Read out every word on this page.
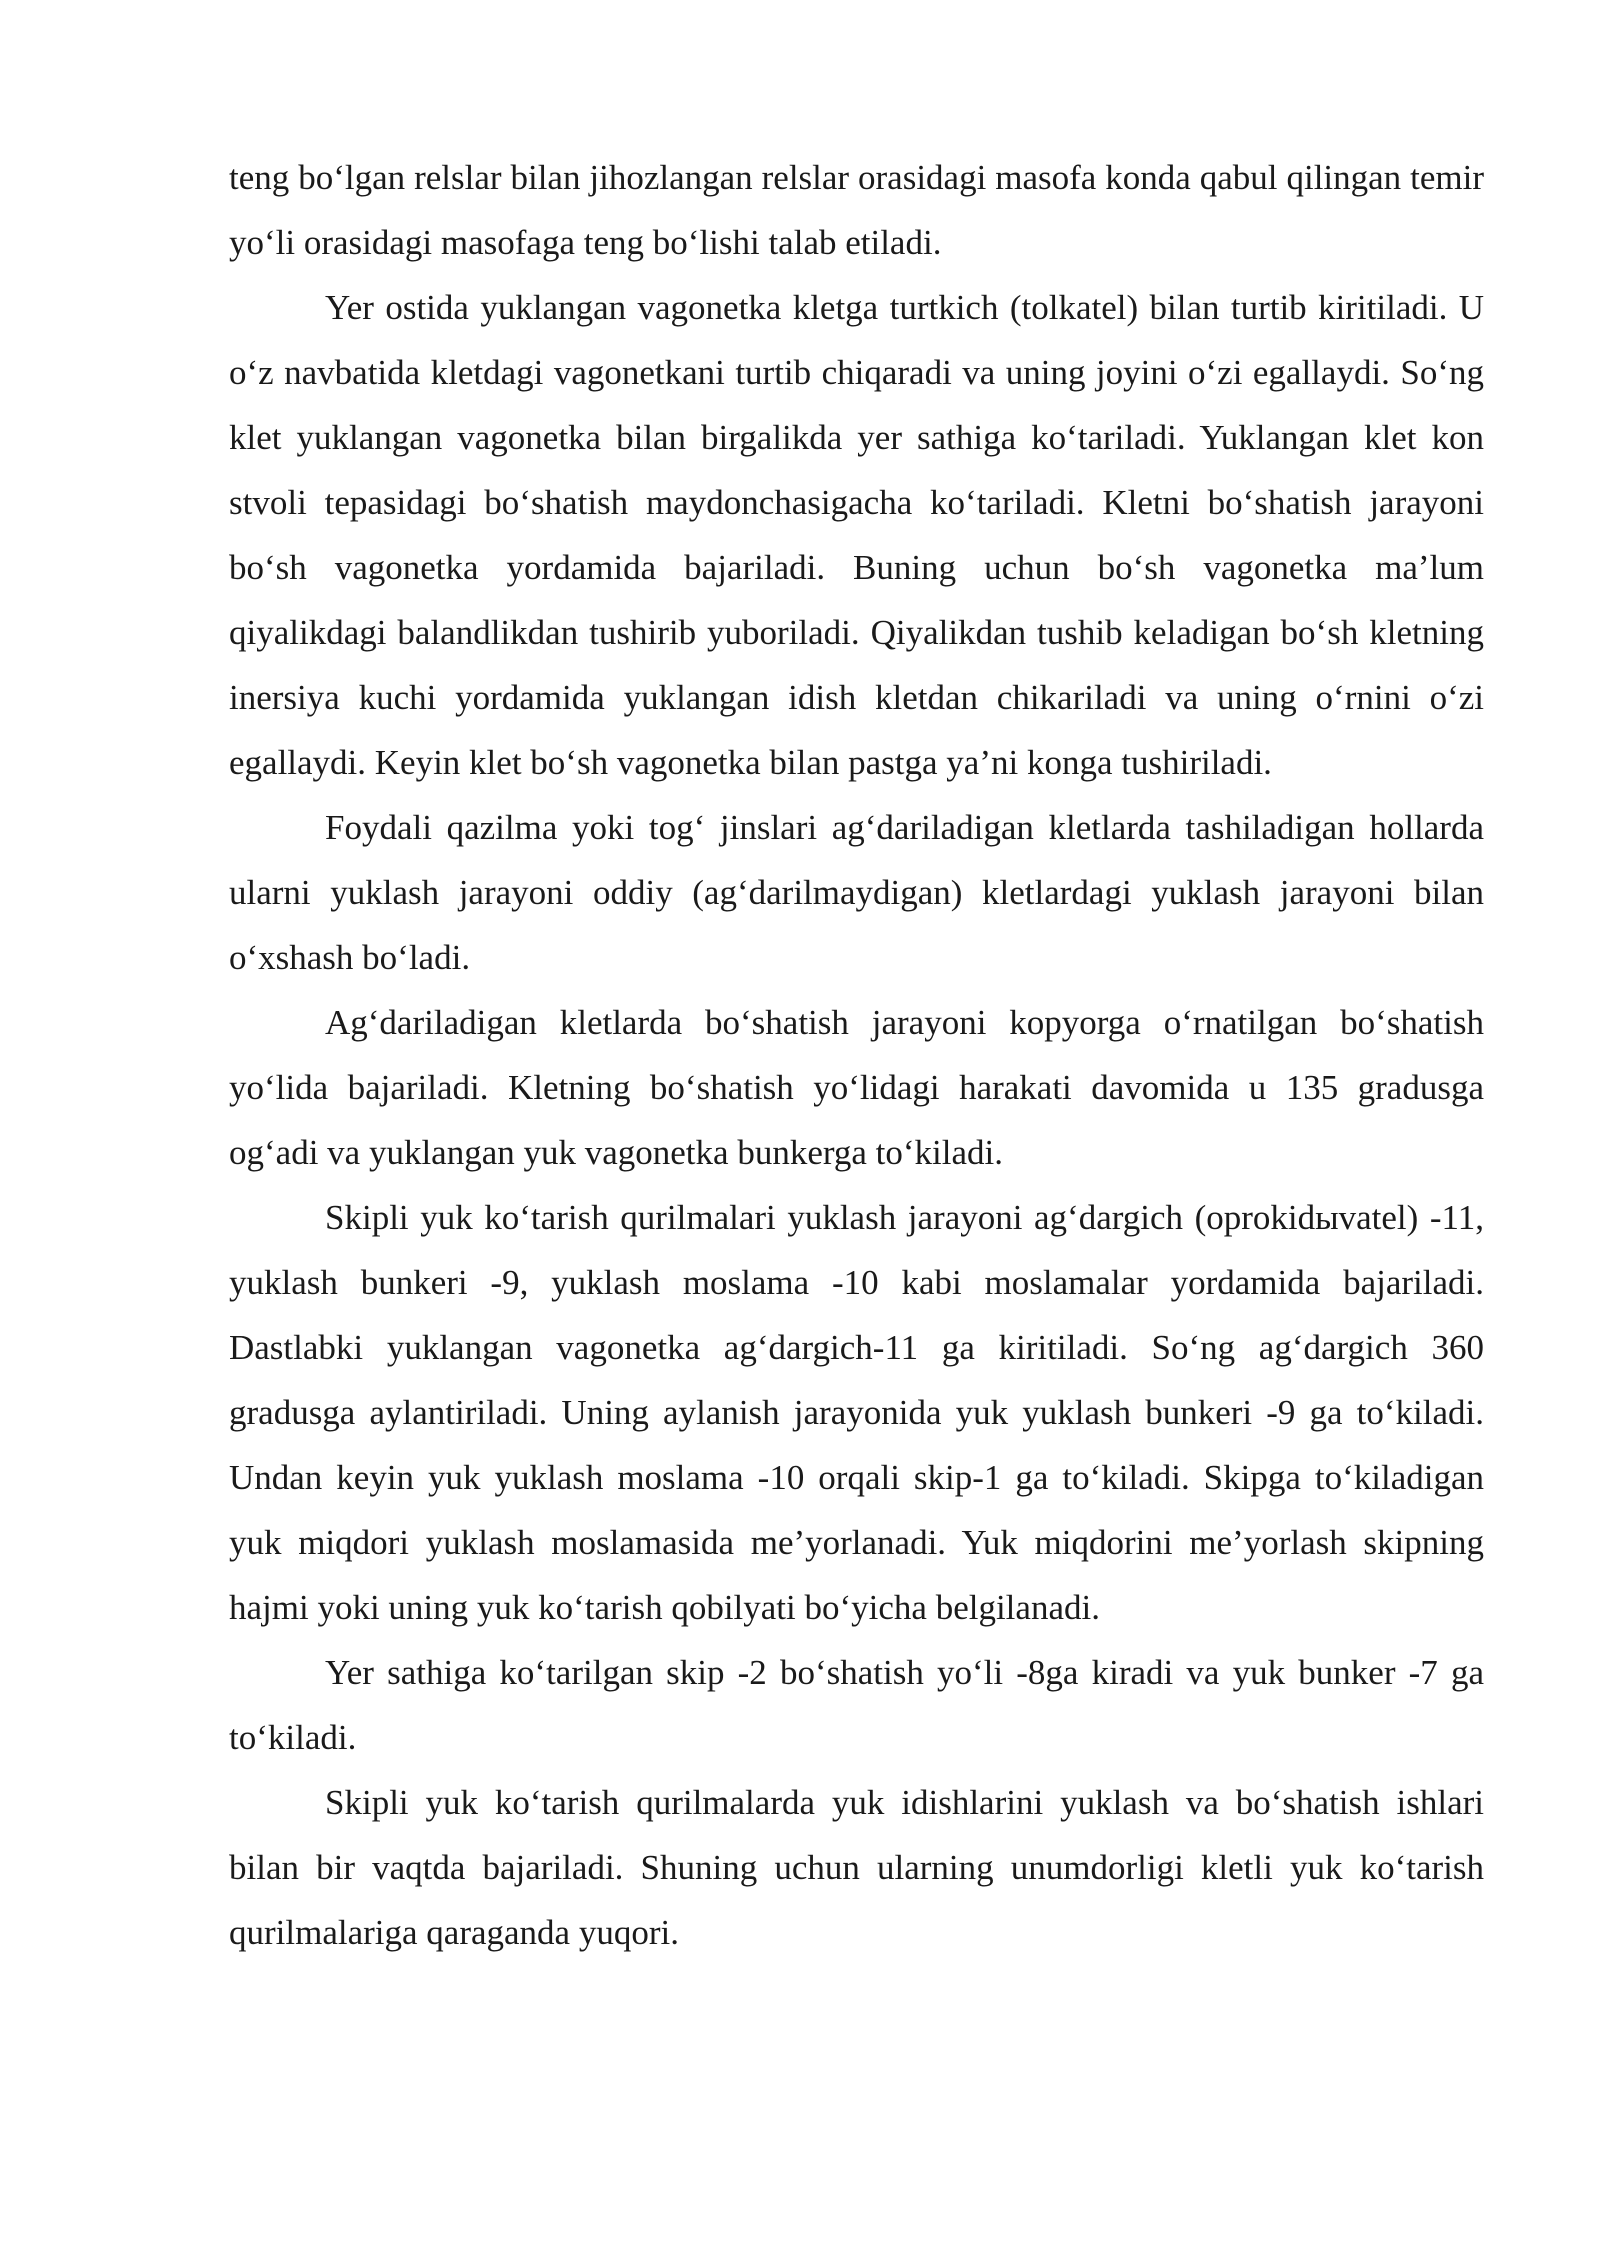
teng bo‘lgan relslar bilan jihozlangan relslar orasidagi masofa konda qabul qilingan temir yo‘li orasidagi masofaga teng bo‘lishi talab etiladi.

Yer ostida yuklangan vagonetka kletga turtkich (tolkatel) bilan turtib kiritiladi. U o‘z navbatida kletdagi vagonetkani turtib chiqaradi va uning joyini o‘zi egallaydi. So‘ng klet yuklangan vagonetka bilan birgalikda yer sathiga ko‘tariladi. Yuklangan klet kon stvoli tepasidagi bo‘shatish maydonchasigacha ko‘tariladi. Kletni bo‘shatish jarayoni bo‘sh vagonetka yordamida bajariladi. Buning uchun bo‘sh vagonetka ma’lum qiyalikdagi balandlikdan tushirib yuboriladi. Qiyalikdan tushib keladigan bo‘sh kletning inersiya kuchi yordamida yuklangan idish kletdan chikariladi va uning o‘rnini o‘zi egallaydi. Keyin klet bo‘sh vagonetka bilan pastga ya’ni konga tushiriladi.

Foydali qazilma yoki tog‘ jinslari ag‘dariladigan kletlarda tashiladigan hollarda ularni yuklash jarayoni oddiy (ag‘darilmaydigan) kletlardagi yuklash jarayoni bilan o‘xshash bo‘ladi.

Ag‘dariladigan kletlarda bo‘shatish jarayoni kopyorga o‘rnatilgan bo‘shatish yo‘lida bajariladi. Kletning bo‘shatish yo‘lidagi harakati davomida u 135 gradusga og‘adi va yuklangan yuk vagonetka bunkerga to‘kiladi.

Skipli yuk ko‘tarish qurilmalari yuklash jarayoni ag‘dargich (oprokidыvatel) -11, yuklash bunkeri -9, yuklash moslama -10 kabi moslamalar yordamida bajariladi. Dastlabki yuklangan vagonetka ag‘dargich-11 ga kiritiladi. So‘ng ag‘dargich 360 gradusga aylantiriladi. Uning aylanish jarayonida yuk yuklash bunkeri -9 ga to‘kiladi. Undan keyin yuk yuklash moslama -10 orqali skip-1 ga to‘kiladi. Skipga to‘kiladigan yuk miqdori yuklash moslamasida me’yorlanadi. Yuk miqdorini me’yorlash skipning hajmi yoki uning yuk ko‘tarish qobilyati bo‘yicha belgilanadi.

Yer sathiga ko‘tarilgan skip -2 bo‘shatish yo‘li -8ga kiradi va yuk bunker -7 ga to‘kiladi.

Skipli yuk ko‘tarish qurilmalarda yuk idishlarini yuklash va bo‘shatish ishlari bilan bir vaqtda bajariladi. Shuning uchun ularning unumdorligi kletli yuk ko‘tarish qurilmalariga qaraganda yuqori.
